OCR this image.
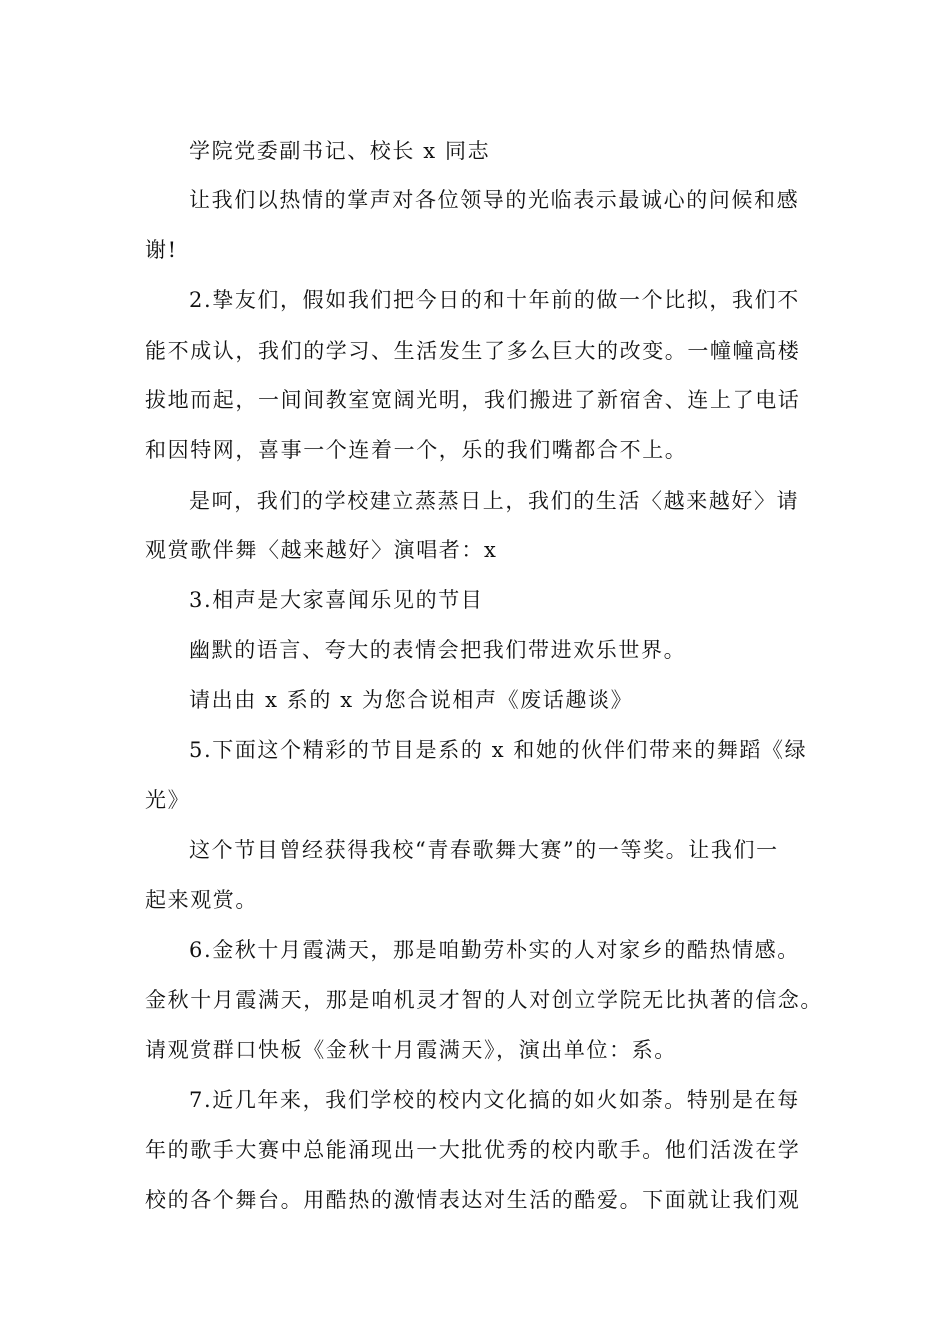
学院党委副书记、校长 x 同志
让我们以热情的掌声对各位领导的光临表示最诚心的问候和感
谢!
2.挚友们，假如我们把今日的和十年前的做一个比拟，我们不
能不成认，我们的学习、生活发生了多么巨大的改变。一幢幢高楼
拔地而起，一间间教室宽阔光明，我们搬进了新宿舍、连上了电话
和因特网，喜事一个连着一个，乐的我们嘴都合不上。
是呵，我们的学校建立蒸蒸日上，我们的生活〈越来越好〉请
观赏歌伴舞〈越来越好〉演唱者：x
3.相声是大家喜闻乐见的节目
幽默的语言、夸大的表情会把我们带进欢乐世界。
请出由 x 系的 x 为您合说相声《废话趣谈》
5.下面这个精彩的节目是系的 x 和她的伙伴们带来的舞蹈《绿
光》
这个节目曾经获得我校“青春歌舞大赛”的一等奖。让我们一
起来观赏。
6.金秋十月霞满天，那是咱勤劳朴实的人对家乡的酷热情感。
金秋十月霞满天，那是咱机灵才智的人对创立学院无比执著的信念。
请观赏群口快板《金秋十月霞满天》，演出单位：系。
7.近几年来，我们学校的校内文化搞的如火如荼。特别是在每
年的歌手大赛中总能涌现出一大批优秀的校内歌手。他们活泼在学
校的各个舞台。用酷热的激情表达对生活的酷爱。下面就让我们观
